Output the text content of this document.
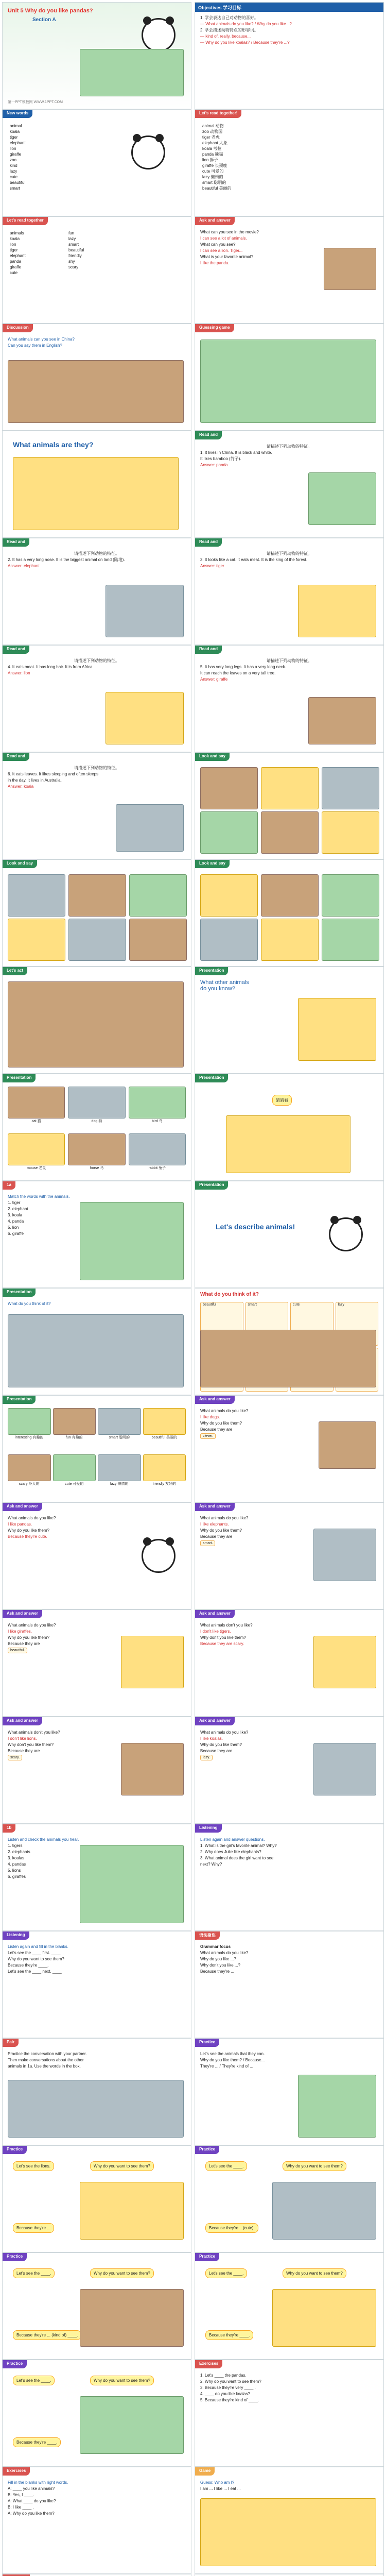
Unit 5 Why do you like pandas?
Section A
第一PPT模板网 WWW.1PPT.COM
Objectives 学习目标
1. 学会表达自己对动物的喜好。
— What animals do you like? / Why do you like...?
2. 学会描述动物特点的形容词。
— kind of, really, because...
— Why do you like koalas? / Because they're ...?
New words
animal
koala
tiger
elephant
lion
giraffe
zoo
kind
lazy
cute
beautiful
smart
Let's read together!
animal 动物
zoo 动物园
tiger 老虎
elephant 大象
koala 考拉
panda 熊猫
lion 狮子
giraffe 长颈鹿
cute 可爱的
lazy 懒惰的
smart 聪明的
beautiful 美丽的
Let's read together
animals
koala
lion
tiger
elephant
panda
giraffe
cute
fun
lazy
smart
beautiful
friendly
shy
scary
Ask and answer
What can you see in the movie?
I can see a lot of animals.
What can you see?
I can see a lion. Tiger...
What is your favorite animal?
I like the panda.
Discussion
What animals can you see in China?
Can you say them in English?
Guessing game
What animals are they?
Read and
请描述下列动物的特征。
1. It lives in China. It is black and white.
It likes bamboo (竹子).
Answer: panda
Read and
请描述下列动物的特征。
2. It has a very long nose. It is the biggest animal on land (陆地).
Answer: elephant
Read and
请描述下列动物的特征。
3. It looks like a cat. It eats meat. It is the king of the forest.
Answer: tiger
Read and
请描述下列动物的特征。
4. It eats meat. It has long hair. It is from Africa.
Answer: lion
Read and
请描述下列动物的特征。
5. It has very long legs. It has a very long neck.
It can reach the leaves on a very tall tree.
Answer: giraffe
Read and
请描述下列动物的特征。
6. It eats leaves. It likes sleeping and often sleeps
in the day. It lives in Australia.
Answer: koala
Look and say
Look and say	Look and say
Let's act	Presentation
What other animals
do you know?
Presentation
cat 猫	dog 狗	bird 鸟
mouse 老鼠	horse 马	rabbit 兔子
Presentation
猜猜看
1a
Match the words with the animals.
1. tiger
2. elephant
3. koala
4. panda
5. lion
6. giraffe
Presentation
Let's describe animals!
Presentation
What do you think of it?
What do you think of it?
beautiful	smart	cute	lazy
Presentation
interesting 有趣的	fun 有趣的	smart 聪明的	beautiful 美丽的
scary 吓人的	cute 可爱的	lazy 懒惰的	friendly 友好的
Ask and answer
What animals do you like?
I like dogs.
Why do you like them?
Because they are
clever.
Ask and answer
What animals do you like?
I like pandas.
Why do you like them?
Because they're cute.
Ask and answer
What animals do you like?
I like elephants.
Why do you like them?
Because they are
smart.
Ask and answer
What animals do you like?
I like giraffes.
Why do you like them?
Because they are
beautiful.
Ask and answer
What animals don't you like?
I don't like tigers.
Why don't you like them?
Because they are scary.
Ask and answer
What animals don't you like?
I don't like lions.
Why don't you like them?
Because they are
scary.
Ask and answer
What animals do you like?
I like koalas.
Why do you like them?
Because they are
lazy.
1b
Listen and check the animals you hear.
1. tigers
2. elephants
3. koalas
4. pandas
5. lions
6. giraffes
Listening
Listen again and answer questions.
1. What is the girl's favorite animal? Why?
2. Why does Julie like elephants?
3. What animal does the girl want to see
next? Why?
Listening
Listen again and fill in the blanks.
Let's see the ____ first. ____
Why do you want to see them?
Because they're ____.
Let's see the ____ next. ____
语法聚焦
Grammar focus
What animals do you like?
Why do you like ...?
Why don't you like ...?
Because they're ...
Pair
Practice the conversation with your partner.
Then make conversations about the other
animals in 1a. Use the words in the box.
Practice
Let's see the animals that they can.
Why do you like them? / Because...
They're ... / They're kind of ...
Practice
Let's see the lions.	Why do you want to see them?
Because they're ...
Practice
Let's see the ____.	Why do you want to see them?
Because they're ...(cute).
Practice
Let's see the ____.	Why do you want to see them?
Because they're ... (kind of) ____.
Practice
Let's see the ____.	Why do you want to see them?
Because they're ____.
Practice
Let's see the ____.	Why do you want to see them?
Because they're ____.
Exercises
1. Let's ____ the pandas.
2. Why do you want to see them?
3. Because they're very ____ .
4. ____ do you like koalas?
5. Because they're kind of ____.
Exercises
Fill in the blanks with right words.
A: ____ you like animals?
B: Yes, I ____.
A: What ____ do you like?
B: I like ____ .
A: Why do you like them?
Game
Guess: Who am I?
I am ... I like ... I eat ...
